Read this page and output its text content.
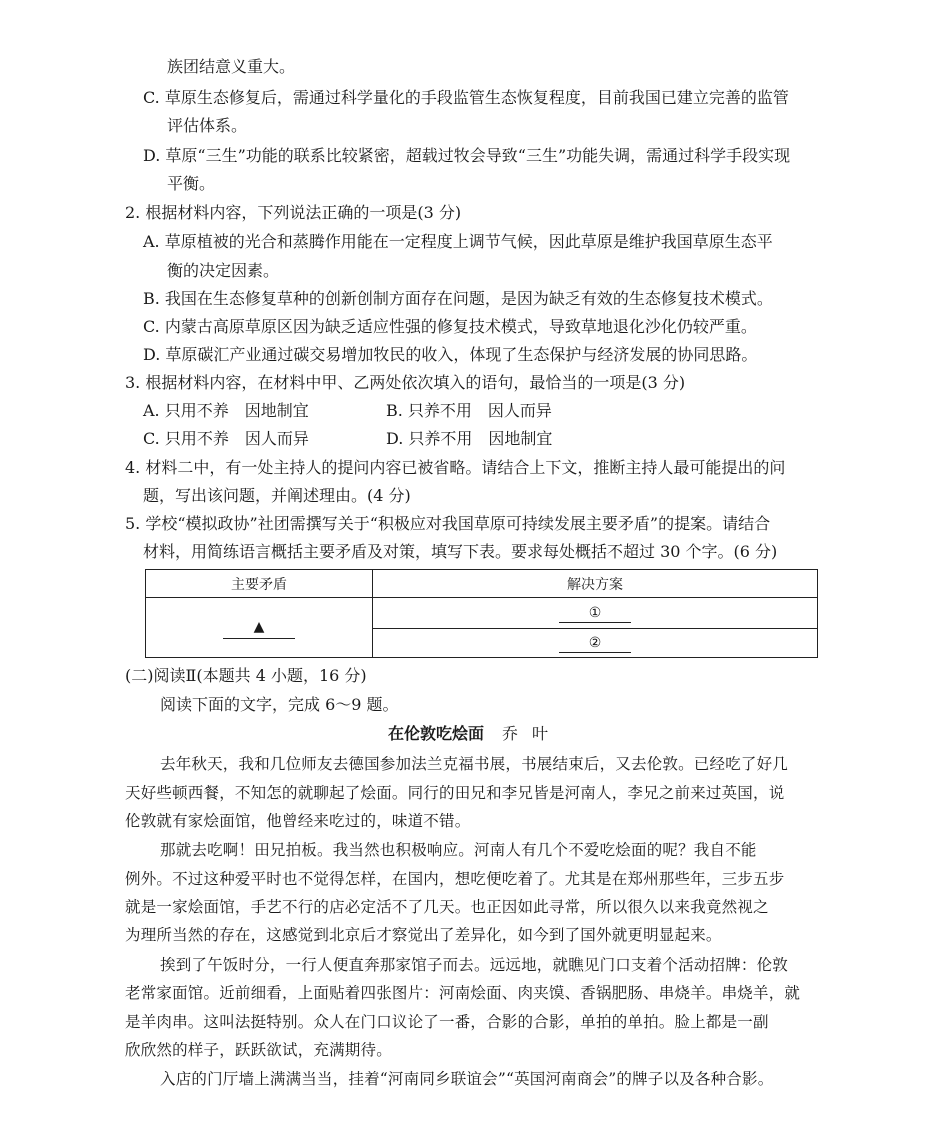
族团结意义重大。
C. 草原生态修复后，需通过科学量化的手段监管生态恢复程度，目前我国已建立完善的监管
评估体系。
D. 草原“三生”功能的联系比较紧密，超载过牧会导致“三生”功能失调，需通过科学手段实现
平衡。
2. 根据材料内容，下列说法正确的一项是(3 分)
A. 草原植被的光合和蒸腾作用能在一定程度上调节气候，因此草原是维护我国草原生态平
衡的决定因素。
B. 我国在生态修复草种的创新创制方面存在问题，是因为缺乏有效的生态修复技术模式。
C. 内蒙古高原草原区因为缺乏适应性强的修复技术模式，导致草地退化沙化仍较严重。
D. 草原碳汇产业通过碳交易增加牧民的收入，体现了生态保护与经济发展的协同思路。
3. 根据材料内容，在材料中甲、乙两处依次填入的语句，最恰当的一项是(3 分)
A. 只用不养　因地制宜	B. 只养不用　因人而异
C. 只用不养　因人而异	D. 只养不用　因地制宜
4. 材料二中，有一处主持人的提问内容已被省略。请结合上下文，推断主持人最可能提出的问
题，写出该问题，并阐述理由。(4 分)
5. 学校“模拟政协”社团需撰写关于“积极应对我国草原可持续发展主要矛盾”的提案。请结合
材料，用简练语言概括主要矛盾及对策，填写下表。要求每处概括不超过 30 个字。(6 分)
主要矛盾	解决方案
▲	①
	②
(二)阅读Ⅱ(本题共 4 小题，16 分)
阅读下面的文字，完成 6～9 题。
在伦敦吃烩面 乔叶
去年秋天，我和几位师友去德国参加法兰克福书展，书展结束后，又去伦敦。已经吃了好几
天好些顿西餐，不知怎的就聊起了烩面。同行的田兄和李兄皆是河南人，李兄之前来过英国，说
伦敦就有家烩面馆，他曾经来吃过的，味道不错。
那就去吃啊！田兄拍板。我当然也积极响应。河南人有几个不爱吃烩面的呢？我自不能
例外。不过这种爱平时也不觉得怎样，在国内，想吃便吃着了。尤其是在郑州那些年，三步五步
就是一家烩面馆，手艺不行的店必定活不了几天。也正因如此寻常，所以很久以来我竟然视之
为理所当然的存在，这感觉到北京后才察觉出了差异化，如今到了国外就更明显起来。
挨到了午饭时分，一行人便直奔那家馆子而去。远远地，就瞧见门口支着个活动招牌：伦敦
老常家面馆。近前细看，上面贴着四张图片：河南烩面、肉夹馍、香锅肥肠、串烧羊。串烧羊，就
是羊肉串。这叫法挺特别。众人在门口议论了一番，合影的合影，单拍的单拍。脸上都是一副
欣欣然的样子，跃跃欲试，充满期待。
入店的门厅墙上满满当当，挂着“河南同乡联谊会”“英国河南商会”的牌子以及各种合影。
